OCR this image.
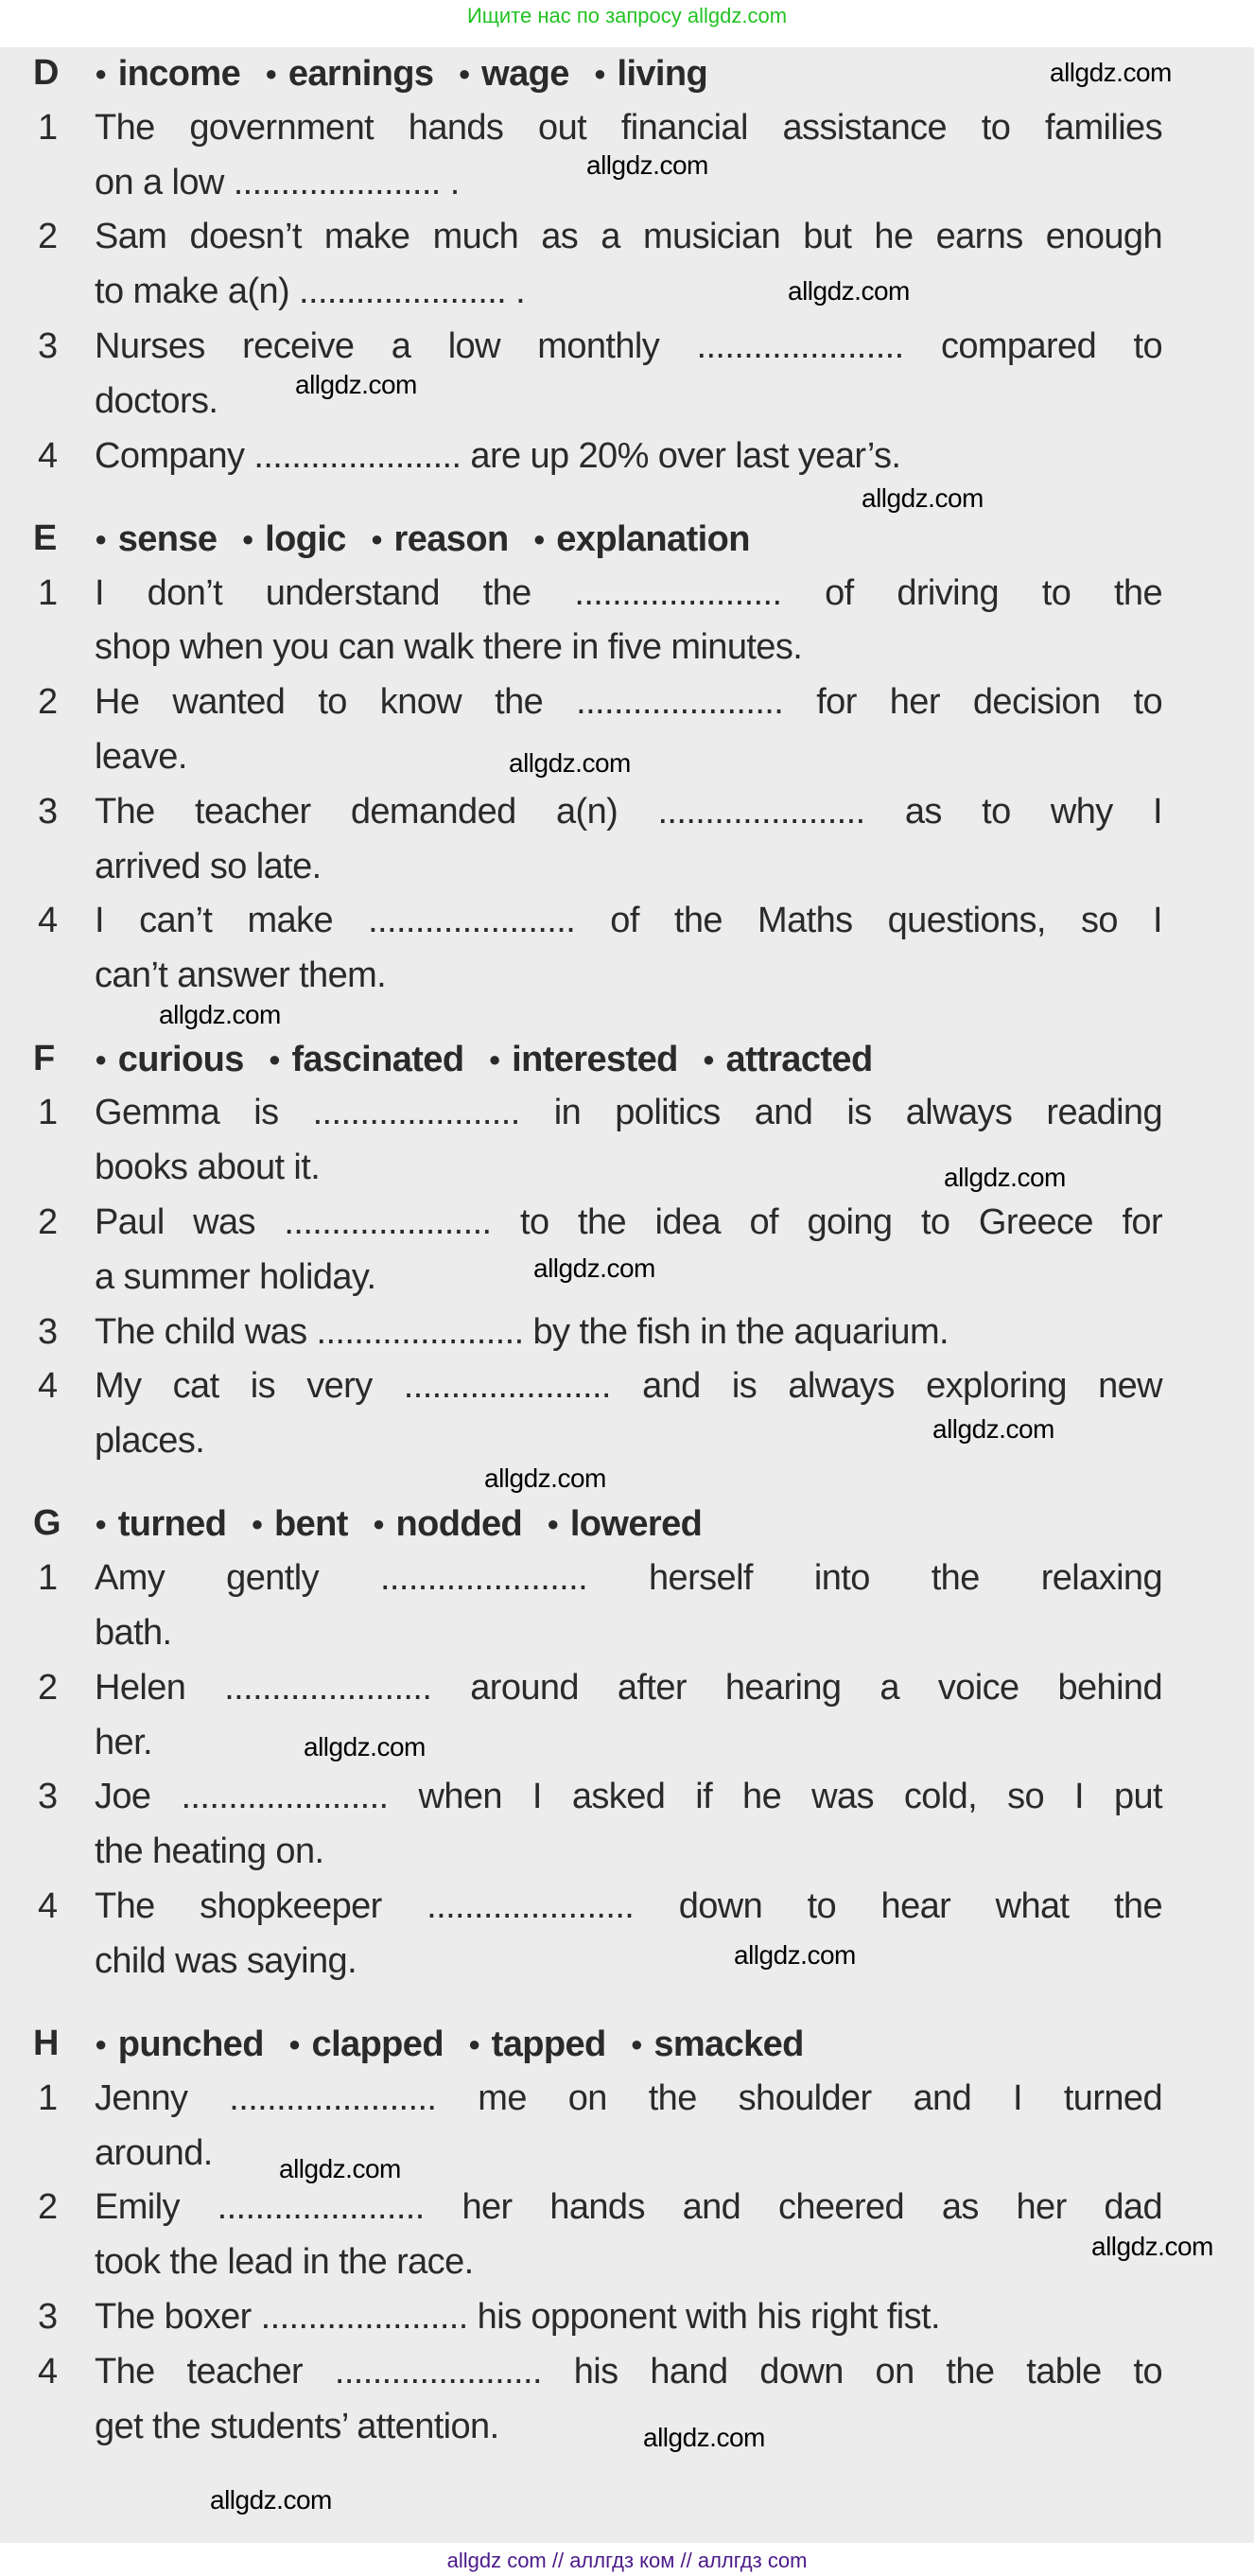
Ищите нас по запросу allgdz.com
D	● income ● earnings ● wage ● living
1 The government hands out financial assistance to families
on a low ...................... .
2 Sam doesn’t make much as a musician but he earns enough
to make a(n) ...................... .
3 Nurses receive a low monthly ...................... compared to
doctors.
4 Company ...................... are up 20% over last year’s.
E	● sense ● logic ● reason ● explanation
1 I don’t understand the ...................... of driving to the
shop when you can walk there in five minutes.
2 He wanted to know the ...................... for her decision to
leave.
3 The teacher demanded a(n) ...................... as to why I
arrived so late.
4 I can’t make ...................... of the Maths questions, so I
can’t answer them.
F	● curious ● fascinated ● interested ● attracted
1 Gemma is ...................... in politics and is always reading
books about it.
2 Paul was ...................... to the idea of going to Greece for
a summer holiday.
3 The child was ...................... by the fish in the aquarium.
4 My cat is very ...................... and is always exploring new
places.
G	● turned ● bent ● nodded ● lowered
1 Amy gently ...................... herself into the relaxing
bath.
2 Helen ...................... around after hearing a voice behind
her.
3 Joe ...................... when I asked if he was cold, so I put
the heating on.
4 The shopkeeper ...................... down to hear what the
child was saying.
H	● punched ● clapped ● tapped ● smacked
1 Jenny ...................... me on the shoulder and I turned
around.
2 Emily ...................... her hands and cheered as her dad
took the lead in the race.
3 The boxer ...................... his opponent with his right fist.
4 The teacher ...................... his hand down on the table to
get the students’ attention.
allgdz.com
allgdz.com
allgdz.com
allgdz.com
allgdz.com
allgdz.com
allgdz.com
allgdz.com
allgdz.com
allgdz.com
allgdz.com
allgdz.com
allgdz.com
allgdz.com
allgdz.com
allgdz.com
allgdz.com
allgdz com // аллгдз ком // аллгдз com
